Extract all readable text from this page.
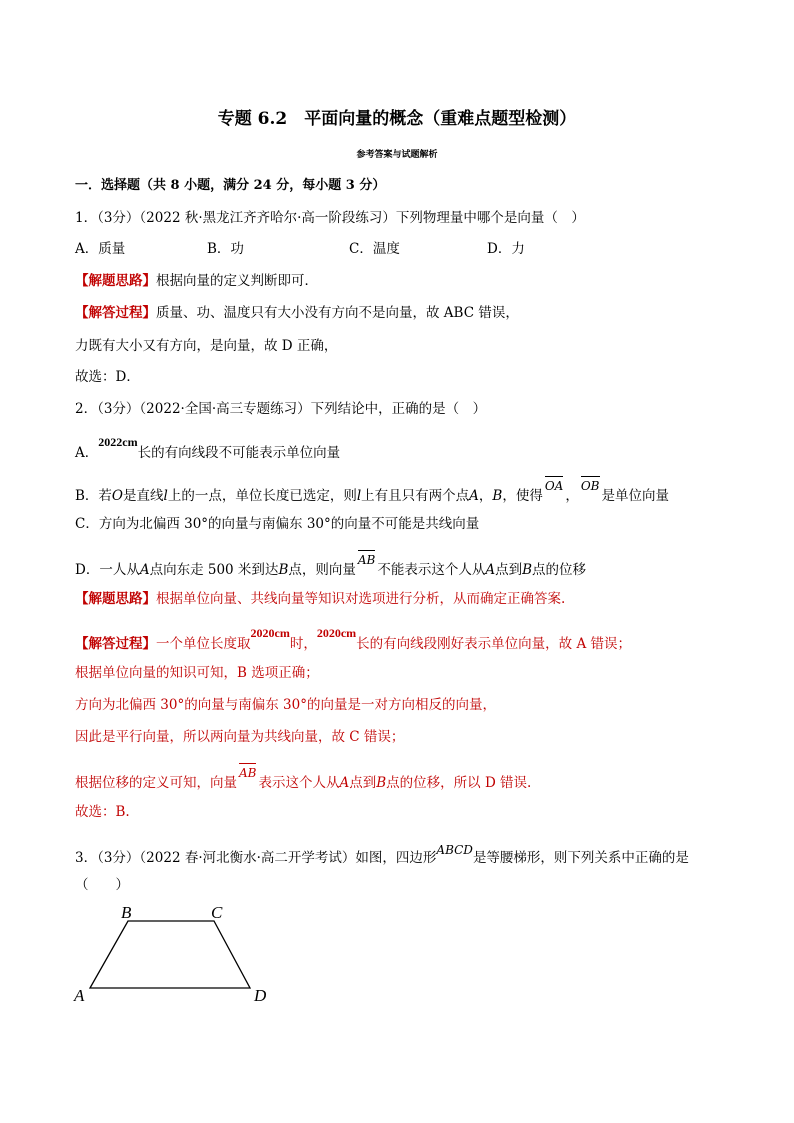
专题 6.2　平面向量的概念（重难点题型检测）
参考答案与试题解析
一．选择题（共 8 小题，满分 24 分，每小题 3 分）
1．（3分）（2022 秋·黑龙江齐齐哈尔·高一阶段练习）下列物理量中哪个是向量（　）
A．质量	B．功	C．温度	D．力
【解题思路】根据向量的定义判断即可．
【解答过程】质量、功、温度只有大小没有方向不是向量，故 ABC 错误，
力既有大小又有方向，是向量，故 D 正确，
故选：D．
2．（3分）（2022·全国·高三专题练习）下列结论中，正确的是（　）
A．2022cm长的有向线段不可能表示单位向量
B．若O是直线l上的一点，单位长度已选定，则l上有且只有两个点A，B，使得
OA，
OB是单位向量
C．方向为北偏西 30°的向量与南偏东 30°的向量不可能是共线向量
D．一人从A点向东走 500 米到达B点，则向量
AB不能表示这个人从A点到B点的位移
【解题思路】根据单位向量、共线向量等知识对选项进行分析，从而确定正确答案.
【解答过程】一个单位长度取2020cm时，2020cm长的有向线段刚好表示单位向量，故 A 错误；
根据单位向量的知识可知，B 选项正确；
方向为北偏西 30°的向量与南偏东 30°的向量是一对方向相反的向量，
因此是平行向量，所以两向量为共线向量，故 C 错误；
根据位移的定义可知，向量
AB表示这个人从A点到B点的位移，所以 D 错误.
故选：B.
3．（3分）（2022 春·河北衡水·高二开学考试）如图，四边形ABCD是等腰梯形，则下列关系中正确的是
（　　）
B	C
A	D
